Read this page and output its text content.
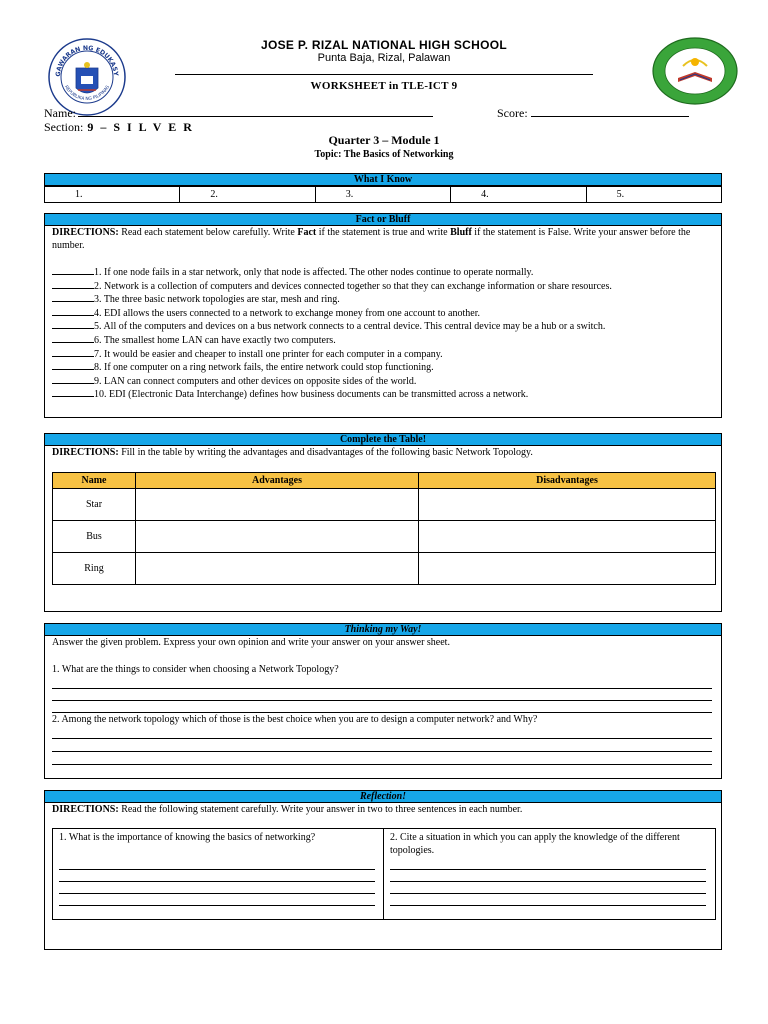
GAWARAN NG EDUKASY
REPUBLIKA NG PILIPINAS
JOSE P. RIZAL NATIONAL HIGH SCHOOL
Punta Baja, Rizal, Palawan
WORKSHEET in TLE-ICT 9
Name:	Score:
Section: 9 – S I L V E R
Quarter 3 – Module 1
Topic: The Basics of Networking
What I Know
1.	2.	3.	4.	5.
Fact or Bluff
DIRECTIONS: Read each statement below carefully. Write Fact if the statement is true and write Bluff if the statement is False. Write your answer before the number.
1. If one node fails in a star network, only that node is affected. The other nodes continue to operate normally.
2. Network is a collection of computers and devices connected together so that they can exchange information or share resources.
3. The three basic network topologies are star, mesh and ring.
4. EDI allows the users connected to a network to exchange money from one account to another.
5. All of the computers and devices on a bus network connects to a central device. This central device may be a hub or a switch.
6. The smallest home LAN can have exactly two computers.
7. It would be easier and cheaper to install one printer for each computer in a company.
8. If one computer on a ring network fails, the entire network could stop functioning.
9. LAN can connect computers and other devices on opposite sides of the world.
10. EDI (Electronic Data Interchange) defines how business documents can be transmitted across a network.
Complete the Table!
DIRECTIONS: Fill in the table by writing the advantages and disadvantages of the following basic Network Topology.
Name	Advantages	Disadvantages
Star		
Bus		
Ring		
Thinking my Way!
Answer the given problem. Express your own opinion and write your answer on your answer sheet.
1. What are the things to consider when choosing a Network Topology?
2. Among the network topology which of those is the best choice when you are to design a computer network? and Why?
Reflection!
DIRECTIONS: Read the following statement carefully. Write your answer in two to three sentences in each number.
1. What is the importance of knowing the basics of networking?	2. Cite a situation in which you can apply the knowledge of the different topologies.
